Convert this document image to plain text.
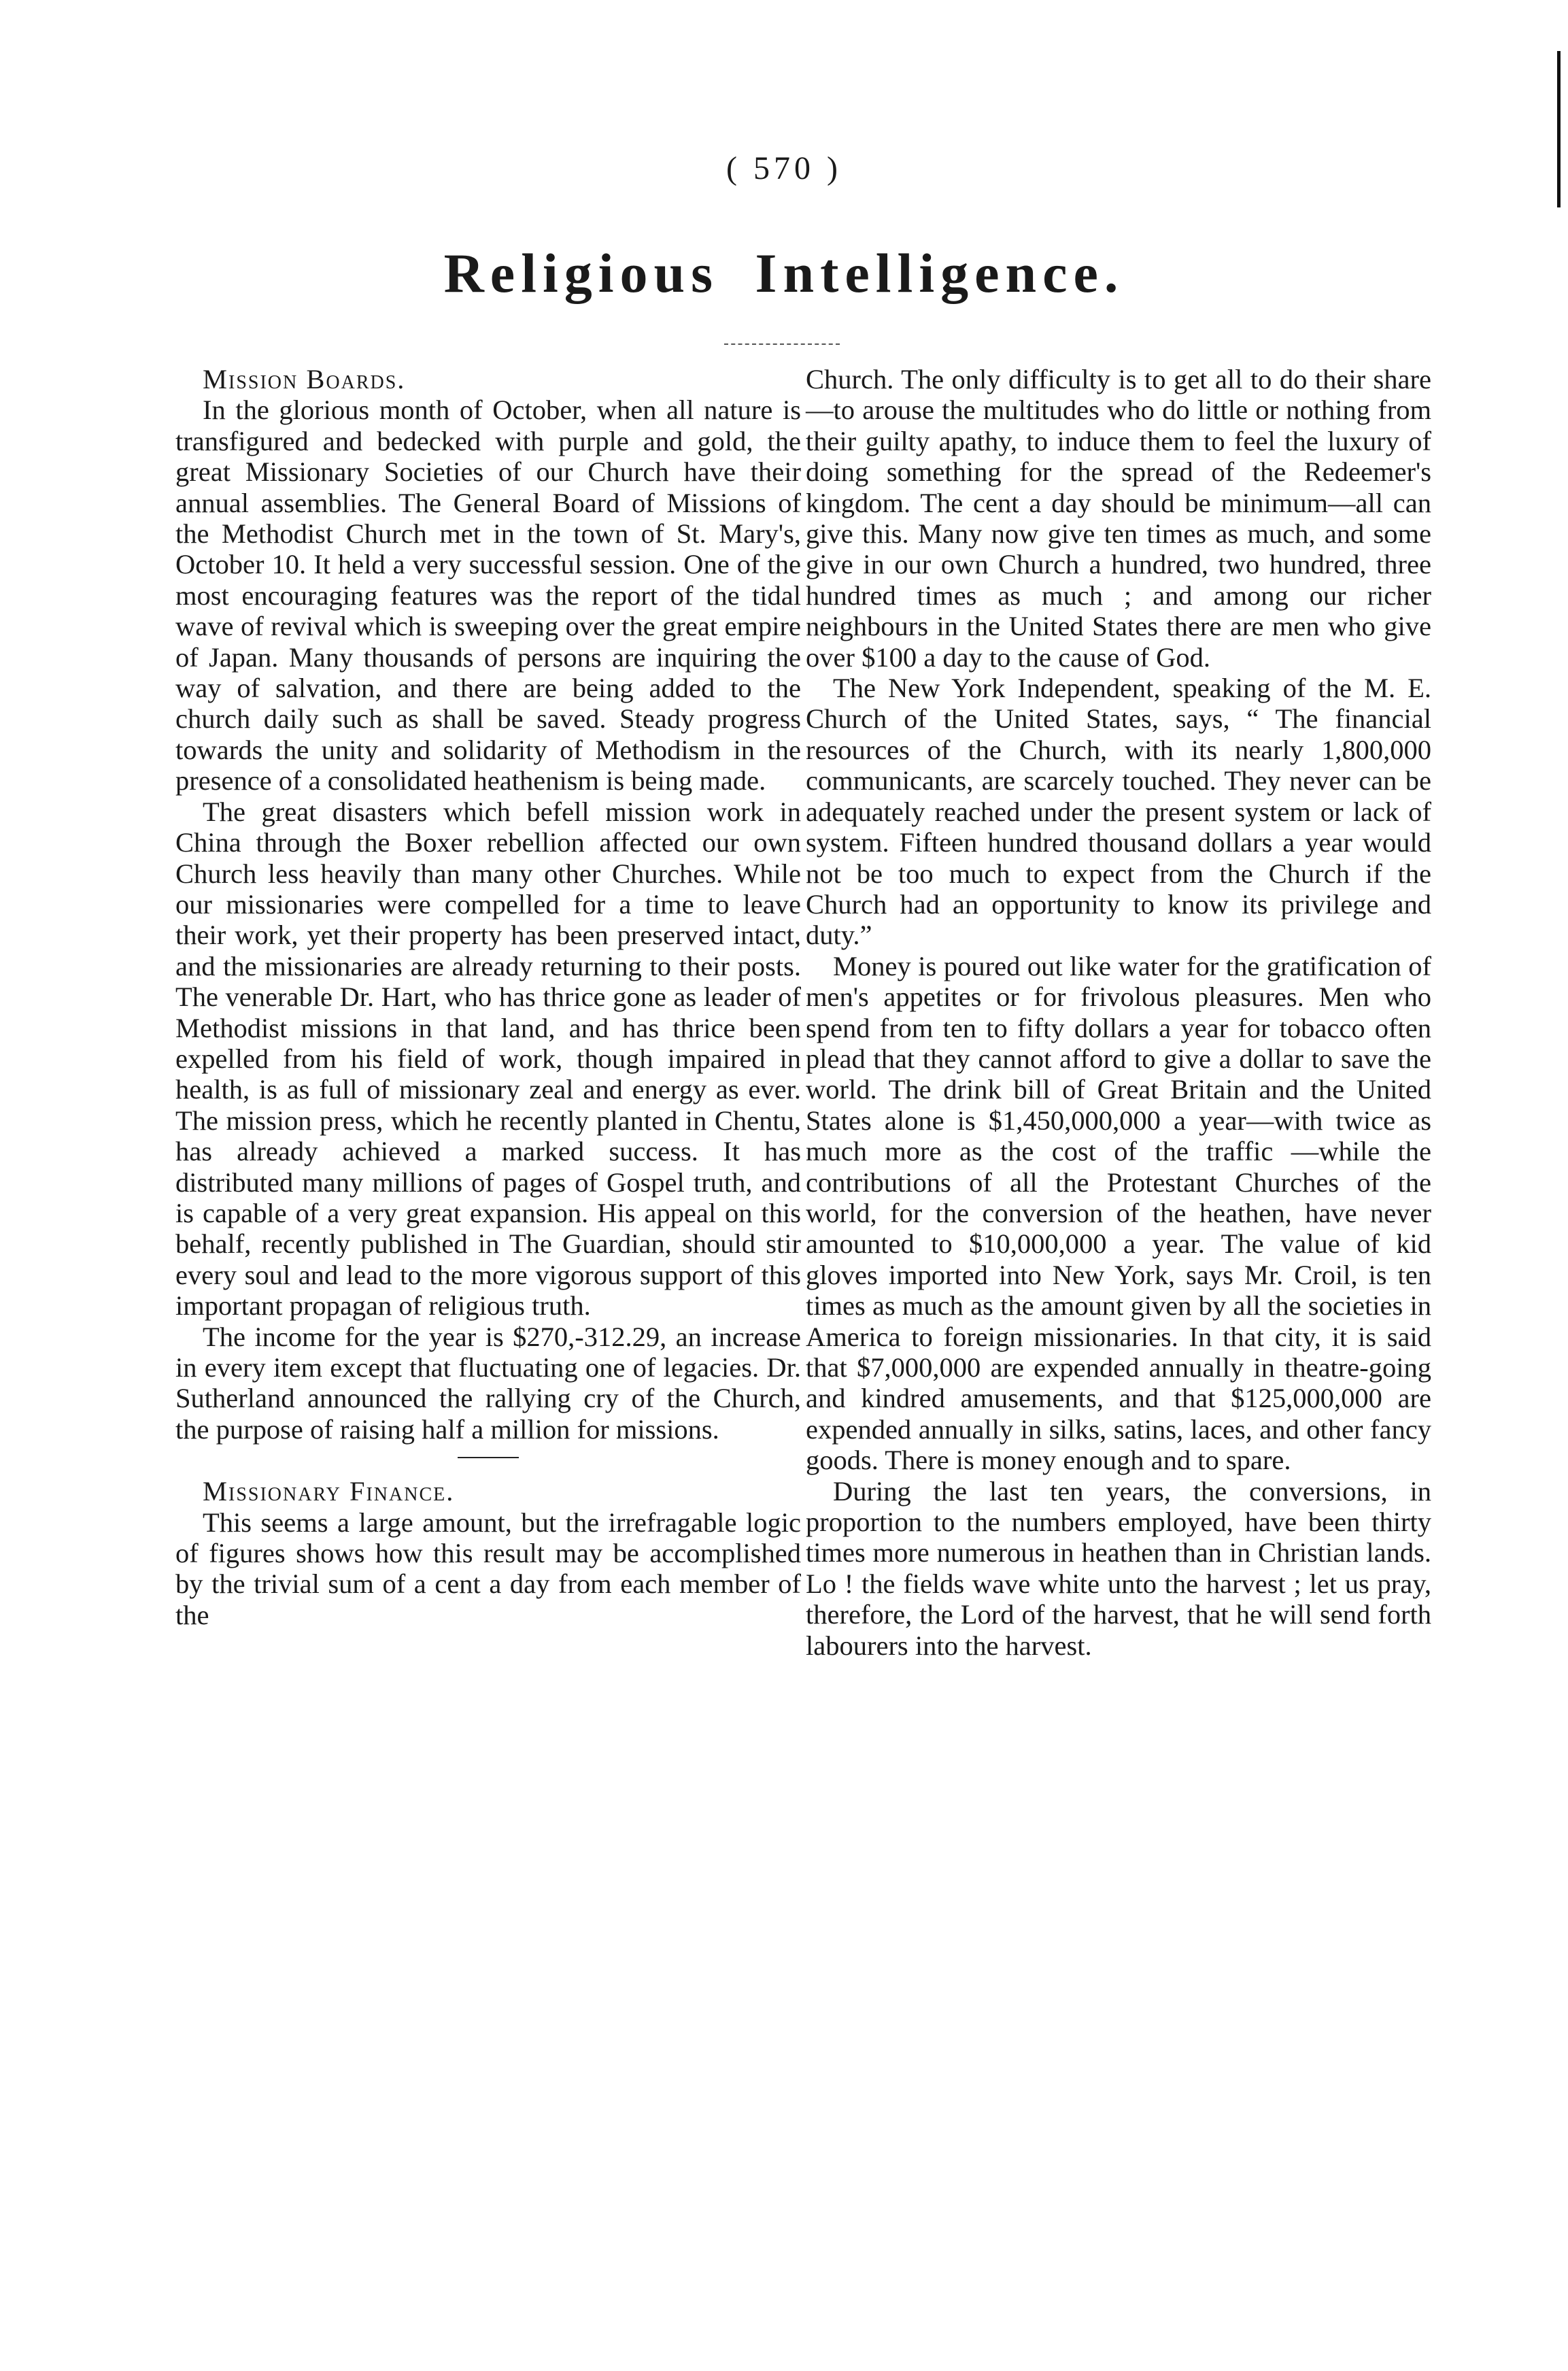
( 570 )
Religious Intelligence.

Mission Boards.

In the glorious month of October, when all nature is transfigured and bedecked with purple and gold, the great Missionary Societies of our Church have their annual assemblies. The General Board of Missions of the Methodist Church met in the town of St. Mary's, October 10. It held a very successful session. One of the most encouraging features was the report of the tidal wave of revival which is sweeping over the great empire of Japan. Many thousands of persons are inquiring the way of salvation, and there are being added to the church daily such as shall be saved. Steady progress towards the unity and solidarity of Methodism in the presence of a consolidated heathenism is being made.

The great disasters which befell mission work in China through the Boxer rebellion affected our own Church less heavily than many other Churches. While our missionaries were compelled for a time to leave their work, yet their property has been preserved intact, and the missionaries are already returning to their posts. The venerable Dr. Hart, who has thrice gone as leader of Methodist missions in that land, and has thrice been expelled from his field of work, though impaired in health, is as full of missionary zeal and energy as ever. The mission press, which he recently planted in Chentu, has already achieved a marked success. It has distributed many millions of pages of Gospel truth, and is capable of a very great expansion. His appeal on this behalf, recently published in The Guardian, should stir every soul and lead to the more vigorous support of this important propagan of religious truth.

The income for the year is $270,-312.29, an increase in every item except that fluctuating one of legacies. Dr. Sutherland announced the rallying cry of the Church, the purpose of raising half a million for missions.

Missionary Finance.

This seems a large amount, but the irrefragable logic of figures shows how this result may be accomplished by the trivial sum of a cent a day from each member of the

Church. The only difficulty is to get all to do their share—to arouse the multitudes who do little or nothing from their guilty apathy, to induce them to feel the luxury of doing something for the spread of the Redeemer's kingdom. The cent a day should be minimum—all can give this. Many now give ten times as much, and some give in our own Church a hundred, two hundred, three hundred times as much ; and among our richer neighbours in the United States there are men who give over $100 a day to the cause of God.

The New York Independent, speaking of the M. E. Church of the United States, says, “ The financial resources of the Church, with its nearly 1,800,000 communicants, are scarcely touched. They never can be adequately reached under the present system or lack of system. Fifteen hundred thousand dollars a year would not be too much to expect from the Church if the Church had an opportunity to know its privilege and duty.”

Money is poured out like water for the gratification of men's appetites or for frivolous pleasures. Men who spend from ten to fifty dollars a year for tobacco often plead that they cannot afford to give a dollar to save the world. The drink bill of Great Britain and the United States alone is $1,450,000,000 a year—with twice as much more as the cost of the traffic —while the contributions of all the Protestant Churches of the world, for the conversion of the heathen, have never amounted to $10,000,000 a year. The value of kid gloves imported into New York, says Mr. Croil, is ten times as much as the amount given by all the societies in America to foreign missionaries. In that city, it is said that $7,000,000 are expended annually in theatre-going and kindred amusements, and that $125,000,000 are expended annually in silks, satins, laces, and other fancy goods. There is money enough and to spare.

During the last ten years, the conversions, in proportion to the numbers employed, have been thirty times more numerous in heathen than in Christian lands. Lo ! the fields wave white unto the harvest ; let us pray, therefore, the Lord of the harvest, that he will send forth labourers into the harvest.
